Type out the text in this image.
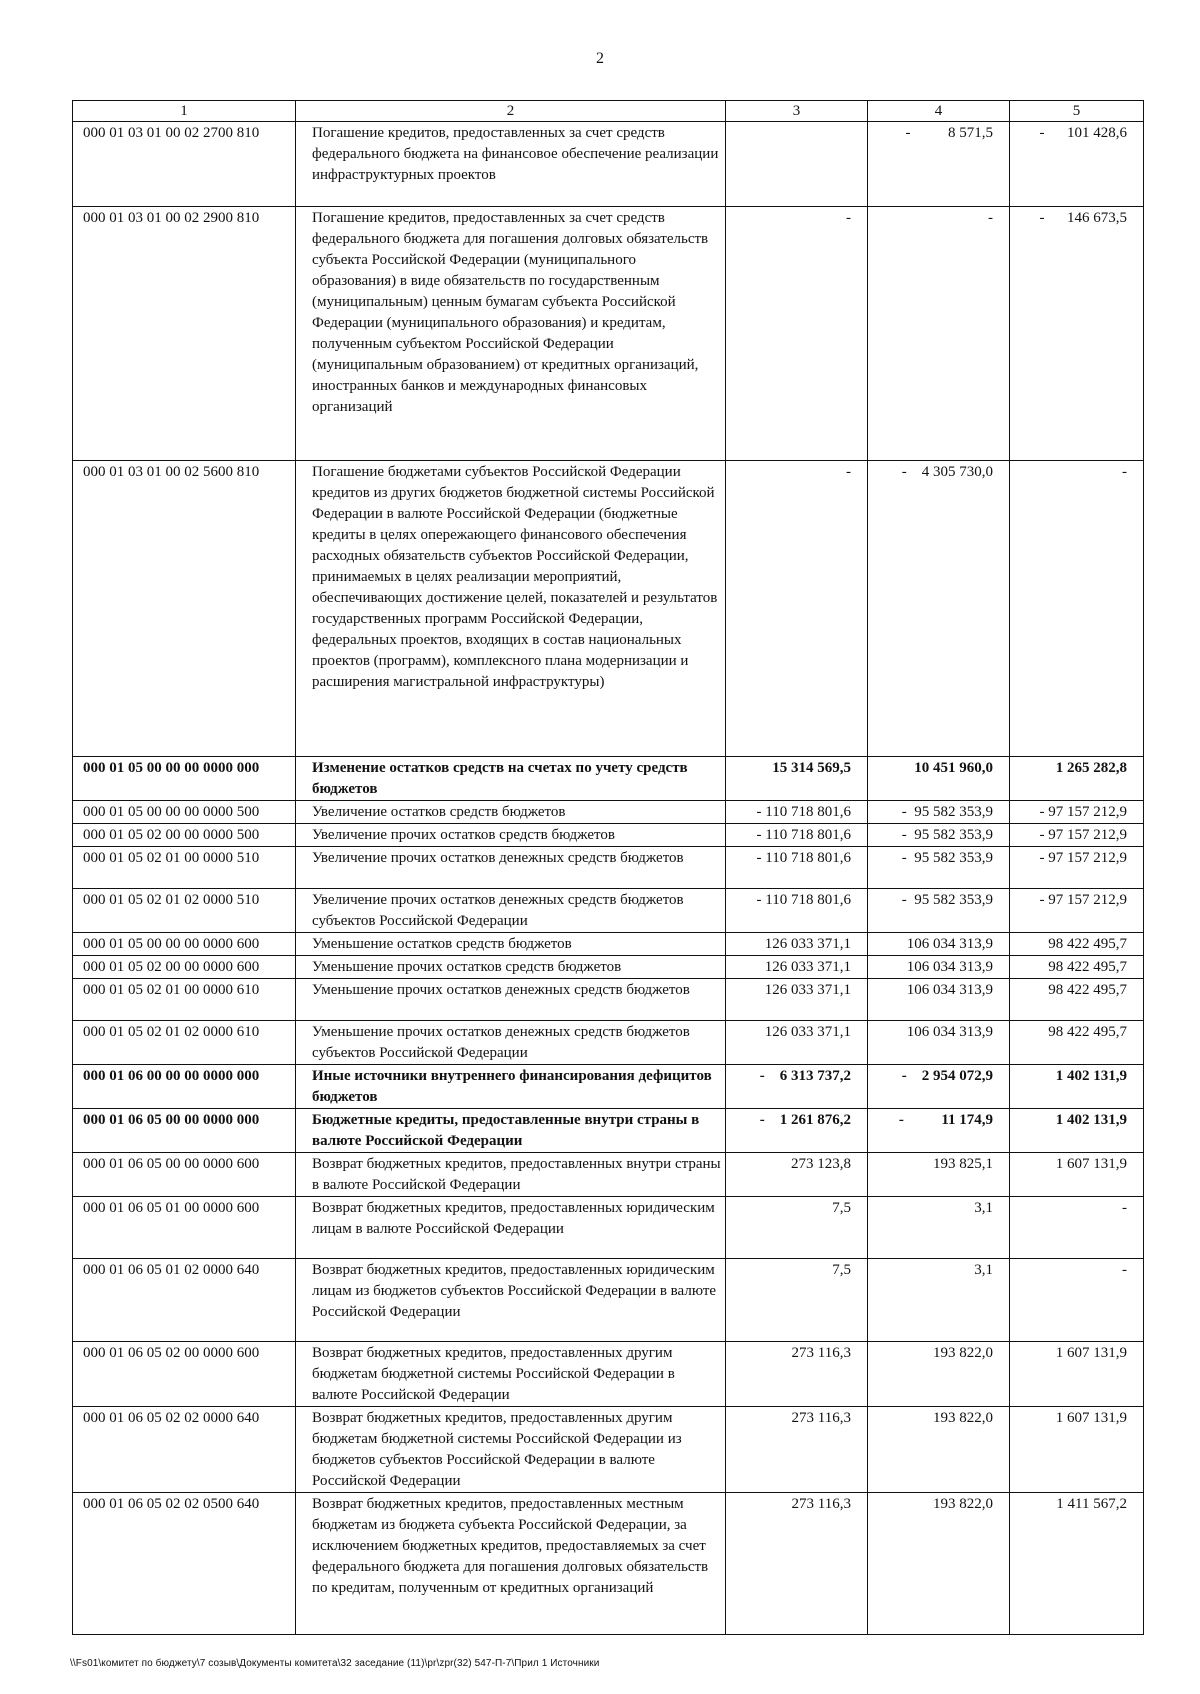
2
1	2	3	4	5
000 01 03 01 00 02 2700 810	Погашение кредитов, предоставленных за счет средств федерального бюджета на финансовое обеспечение реализации инфраструктурных проектов		-          8 571,5	-      101 428,6
000 01 03 01 00 02 2900 810	Погашение кредитов, предоставленных за счет средств федерального бюджета для погашения долговых обязательств субъекта Российской Федерации (муниципального образования) в виде обязательств по государственным (муниципальным) ценным бумагам субъекта Российской Федерации (муниципального образования) и кредитам, полученным субъектом Российской Федерации (муниципальным образованием) от кредитных организаций, иностранных банков и международных финансовых организаций	-	-	-      146 673,5
000 01 03 01 00 02 5600 810	Погашение бюджетами субъектов Российской Федерации кредитов из других бюджетов бюджетной системы Российской Федерации в валюте Российской Федерации (бюджетные кредиты в целях опережающего финансового обеспечения расходных обязательств субъектов Российской Федерации, принимаемых в целях реализации мероприятий, обеспечивающих достижение целей, показателей и результатов государственных программ Российской Федерации, федеральных проектов, входящих в состав национальных проектов (программ), комплексного плана модернизации и расширения магистральной инфраструктуры)	-	-    4 305 730,0	-
000 01 05 00 00 00 0000 000	Изменение остатков средств на счетах по учету средств бюджетов	15 314 569,5	10 451 960,0	1 265 282,8
000 01 05 00 00 00 0000 500	Увеличение остатков средств бюджетов	- 110 718 801,6	-  95 582 353,9	- 97 157 212,9
000 01 05 02 00 00 0000 500	Увеличение прочих остатков средств бюджетов	- 110 718 801,6	-  95 582 353,9	- 97 157 212,9
000 01 05 02 01 00 0000 510	Увеличение прочих остатков денежных средств бюджетов	- 110 718 801,6	-  95 582 353,9	- 97 157 212,9
000 01 05 02 01 02 0000 510	Увеличение прочих остатков денежных средств бюджетов субъектов Российской Федерации	- 110 718 801,6	-  95 582 353,9	- 97 157 212,9
000 01 05 00 00 00 0000 600	Уменьшение остатков средств бюджетов	126 033 371,1	106 034 313,9	98 422 495,7
000 01 05 02 00 00 0000 600	Уменьшение прочих остатков средств бюджетов	126 033 371,1	106 034 313,9	98 422 495,7
000 01 05 02 01 00 0000 610	Уменьшение прочих остатков денежных средств бюджетов	126 033 371,1	106 034 313,9	98 422 495,7
000 01 05 02 01 02 0000 610	Уменьшение прочих остатков денежных средств бюджетов субъектов Российской Федерации	126 033 371,1	106 034 313,9	98 422 495,7
000 01 06 00 00 00 0000 000	Иные источники внутреннего финансирования дефицитов бюджетов	-    6 313 737,2	-    2 954 072,9	1 402 131,9
000 01 06 05 00 00 0000 000	Бюджетные кредиты, предоставленные внутри страны в валюте Российской Федерации	-    1 261 876,2	-          11 174,9	1 402 131,9
000 01 06 05 00 00 0000 600	Возврат бюджетных кредитов, предоставленных внутри страны в валюте Российской Федерации	273 123,8	193 825,1	1 607 131,9
000 01 06 05 01 00 0000 600	Возврат бюджетных кредитов, предоставленных юридическим лицам в валюте Российской Федерации	7,5	3,1	-
000 01 06 05 01 02 0000 640	Возврат бюджетных кредитов, предоставленных юридическим лицам из бюджетов субъектов Российской Федерации в валюте Российской Федерации	7,5	3,1	-
000 01 06 05 02 00 0000 600	Возврат бюджетных кредитов, предоставленных другим бюджетам бюджетной системы Российской Федерации в валюте Российской Федерации	273 116,3	193 822,0	1 607 131,9
000 01 06 05 02 02 0000 640	Возврат бюджетных кредитов, предоставленных другим бюджетам бюджетной системы Российской Федерации из бюджетов субъектов Российской Федерации в валюте Российской Федерации	273 116,3	193 822,0	1 607 131,9
000 01 06 05 02 02 0500 640	Возврат бюджетных кредитов, предоставленных местным бюджетам из бюджета субъекта Российской Федерации, за исключением бюджетных кредитов, предоставляемых за счет федерального бюджета для погашения долговых обязательств по кредитам, полученным от кредитных организаций	273 116,3	193 822,0	1 411 567,2
\\Fs01\комитет по бюджету\7 созыв\Документы комитета\32 заседание (11)\pr\zpr(32) 547-П-7\Прил 1 Источники
